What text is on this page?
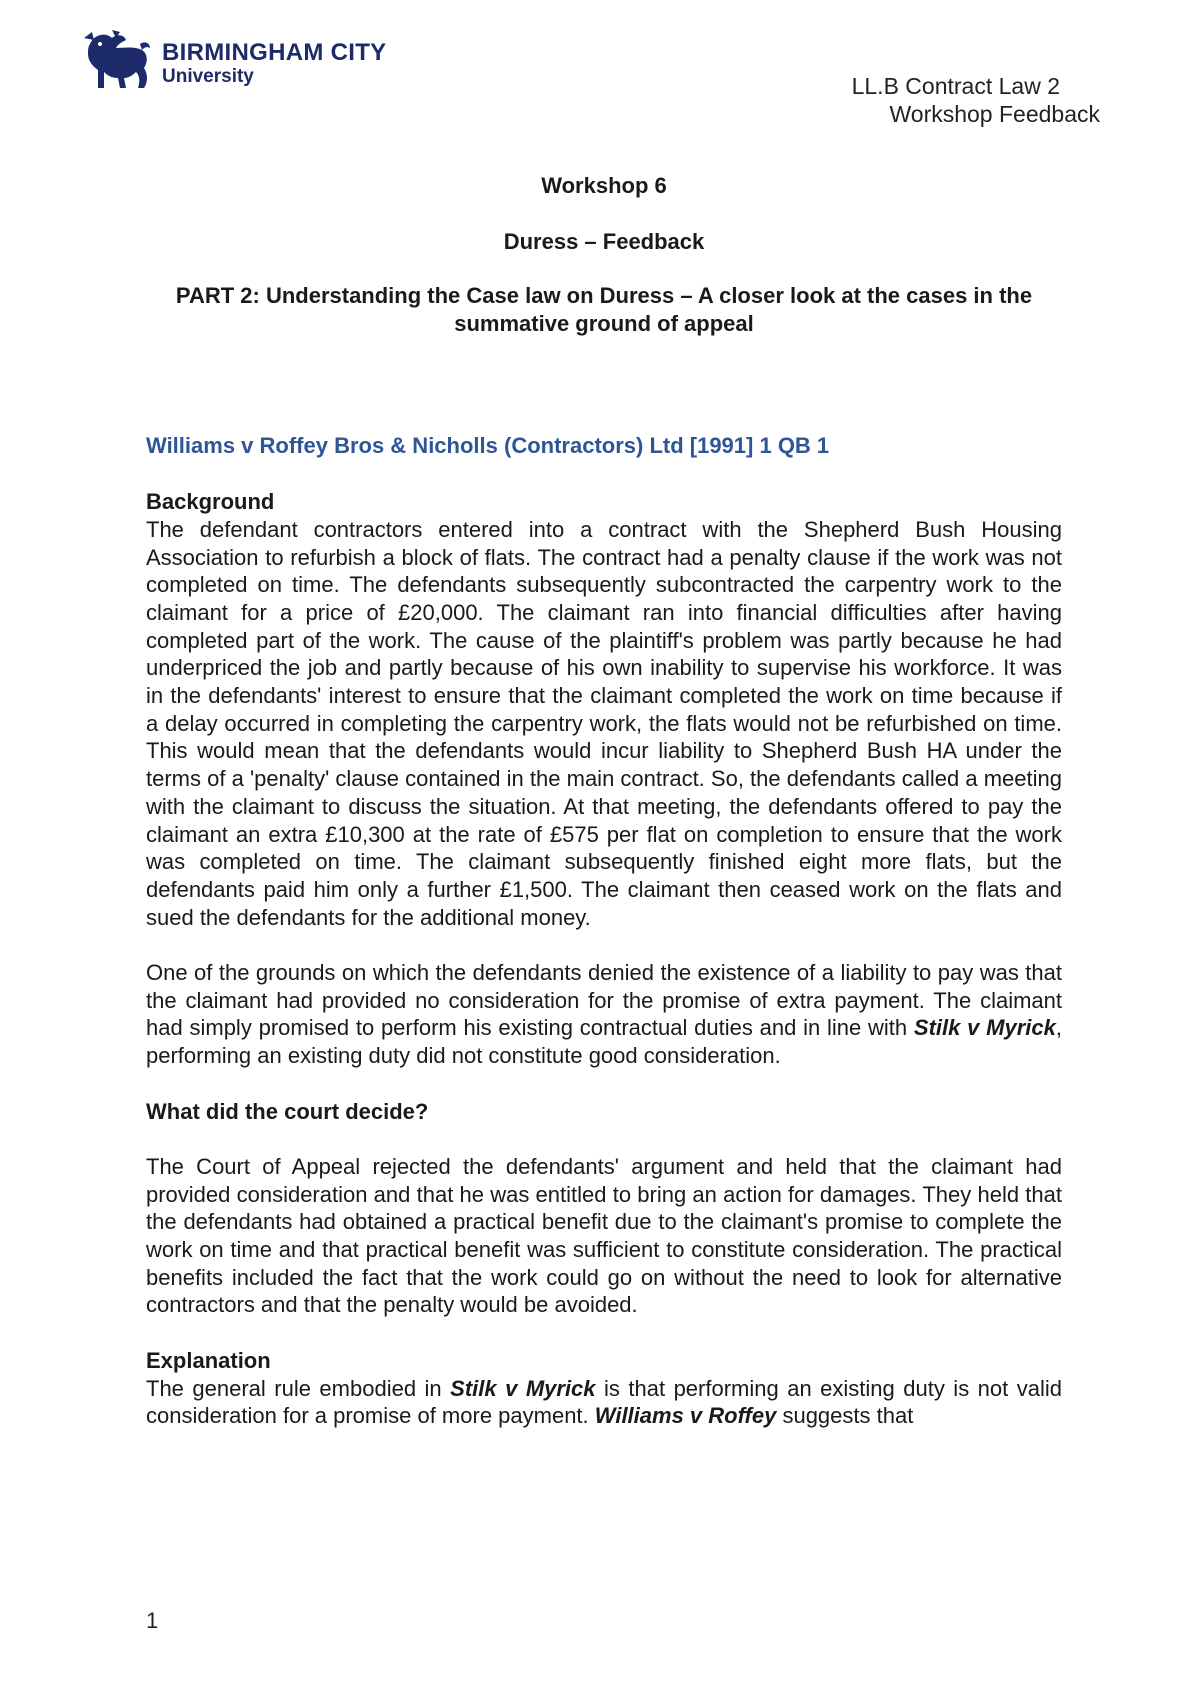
BIRMINGHAM CITY
University	LL.B Contract Law 2
Workshop Feedback
Workshop 6
Duress – Feedback
PART 2: Understanding the Case law on Duress – A closer look at the cases in the summative ground of appeal
Williams v Roffey Bros & Nicholls (Contractors) Ltd [1991] 1 QB 1
Background

The defendant contractors entered into a contract with the Shepherd Bush Housing Association to refurbish a block of flats. The contract had a penalty clause if the work was not completed on time. The defendants subsequently subcontracted the carpentry work to the claimant for a price of £20,000. The claimant ran into financial difficulties after having completed part of the work. The cause of the plaintiff's problem was partly because he had underpriced the job and partly because of his own inability to supervise his workforce. It was in the defendants' interest to ensure that the claimant completed the work on time because if a delay occurred in completing the carpentry work, the flats would not be refurbished on time. This would mean that the defendants would incur liability to Shepherd Bush HA under the terms of a 'penalty' clause contained in the main contract. So, the defendants called a meeting with the claimant to discuss the situation. At that meeting, the defendants offered to pay the claimant an extra £10,300 at the rate of £575 per flat on completion to ensure that the work was completed on time. The claimant subsequently finished eight more flats, but the defendants paid him only a further £1,500. The claimant then ceased work on the flats and sued the defendants for the additional money.

One of the grounds on which the defendants denied the existence of a liability to pay was that the claimant had provided no consideration for the promise of extra payment. The claimant had simply promised to perform his existing contractual duties and in line with Stilk v Myrick, performing an existing duty did not constitute good consideration.

What did the court decide?

The Court of Appeal rejected the defendants' argument and held that the claimant had provided consideration and that he was entitled to bring an action for damages. They held that the defendants had obtained a practical benefit due to the claimant's promise to complete the work on time and that practical benefit was sufficient to constitute consideration. The practical benefits included the fact that the work could go on without the need to look for alternative contractors and that the penalty would be avoided.

Explanation

The general rule embodied in Stilk v Myrick is that performing an existing duty is not valid consideration for a promise of more payment. Williams v Roffey suggests that

1
